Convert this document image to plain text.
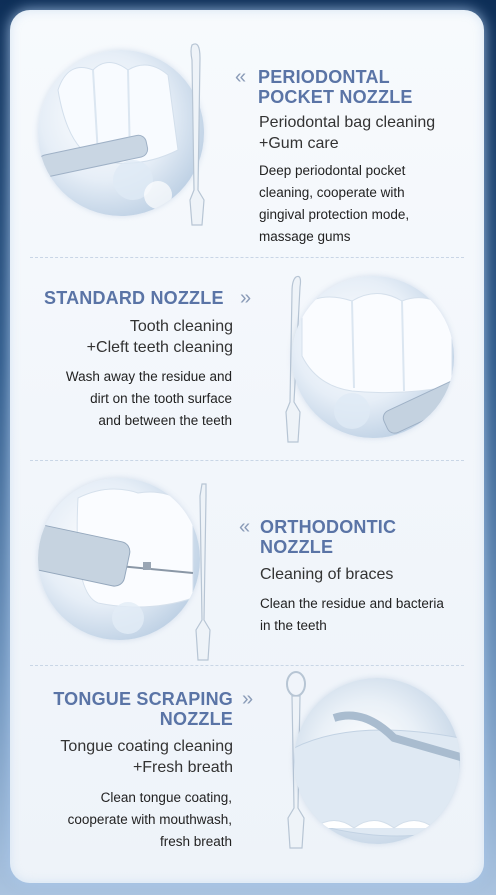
« PERIODONTAL
POCKET NOZZLE
Periodontal bag cleaning
+Gum care
Deep periodontal pocket
cleaning, cooperate with
gingival protection mode,
massage gums
STANDARD NOZZLE »
Tooth cleaning
+Cleft teeth cleaning
Wash away the residue and
dirt on the tooth surface
and between the teeth
« ORTHODONTIC
NOZZLE
Cleaning of braces
Clean the residue and bacteria
in the teeth
TONGUE SCRAPING
NOZZLE
»
Tongue coating cleaning
+Fresh breath
Clean tongue coating,
cooperate with mouthwash,
fresh breath
